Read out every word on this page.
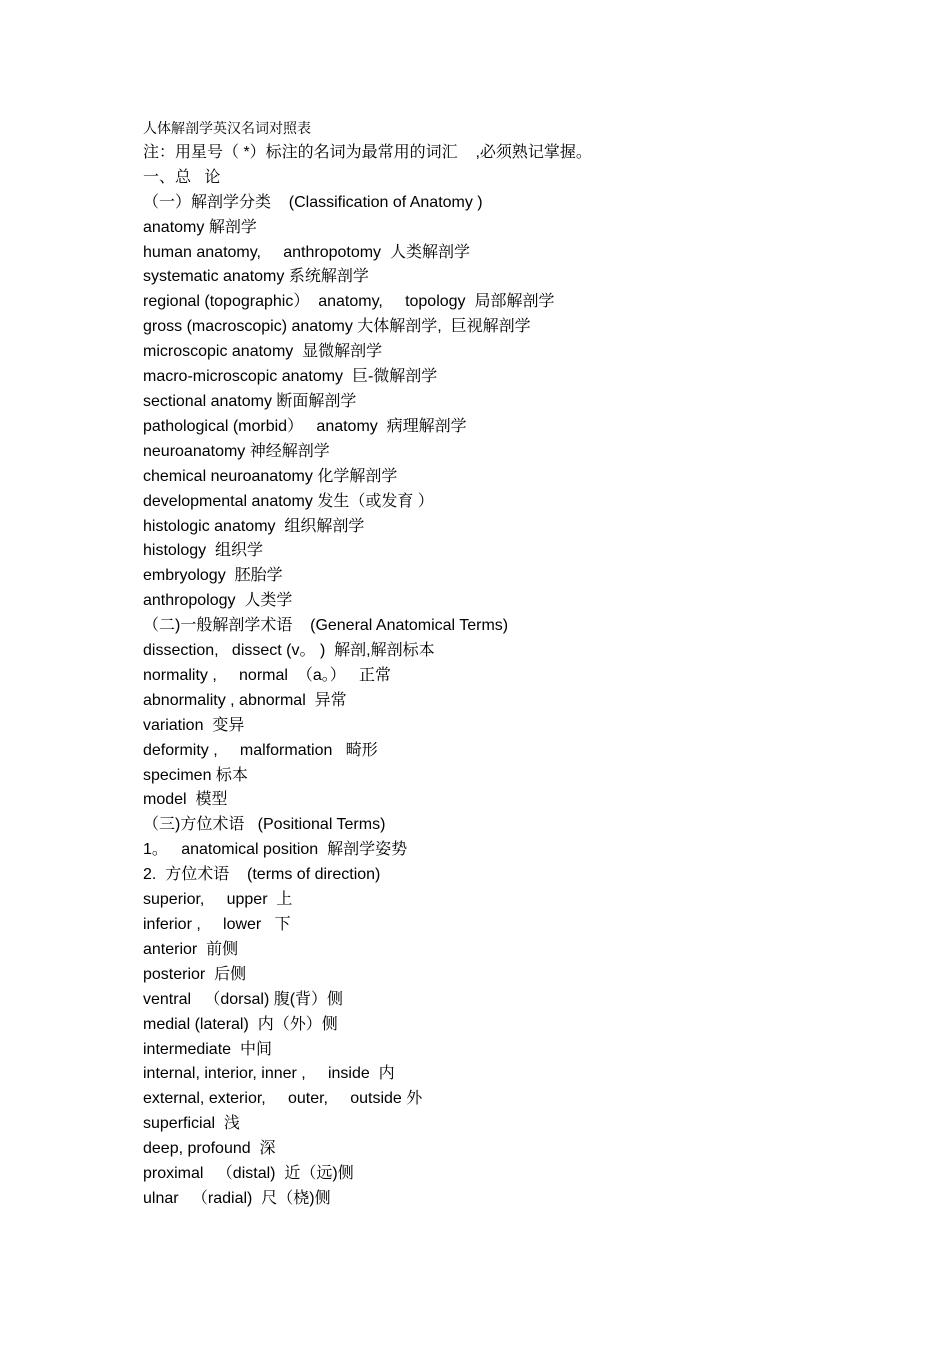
人体解剖学英汉名词对照表
注：用星号（ *）标注的名词为最常用的词汇    ,必须熟记掌握。
一、总   论
（一）解剖学分类    (Classification of Anatomy )
anatomy 解剖学
human anatomy,     anthropotomy  人类解剖学
systematic anatomy 系统解剖学
regional (topographic）  anatomy,     topology  局部解剖学
gross (macroscopic) anatomy 大体解剖学,  巨视解剖学
microscopic anatomy  显微解剖学
macro-microscopic anatomy  巨-微解剖学
sectional anatomy 断面解剖学
pathological (morbid）   anatomy  病理解剖学
neuroanatomy 神经解剖学
chemical neuroanatomy 化学解剖学
developmental anatomy 发生（或发育 ）
histologic anatomy  组织解剖学
histology  组织学
embryology  胚胎学
anthropology  人类学
（二)一般解剖学术语    (General Anatomical Terms)
dissection,   dissect (v。 )  解剖,解剖标本
normality ,     normal  （a。）   正常
abnormality , abnormal  异常
variation  变异
deformity ,     malformation   畸形
specimen 标本
model  模型
（三)方位术语   (Positional Terms)
1。   anatomical position  解剖学姿势
2.  方位术语    (terms of direction)
superior,     upper  上
inferior ,     lower   下
anterior  前侧
posterior  后侧
ventral   （dorsal) 腹(背）侧
medial (lateral)  内（外）侧
intermediate  中间
internal, interior, inner ,     inside  内
external, exterior,     outer,     outside 外
superficial  浅
deep, profound  深
proximal   （distal)  近（远)侧
ulnar   （radial)  尺（桡)侧
